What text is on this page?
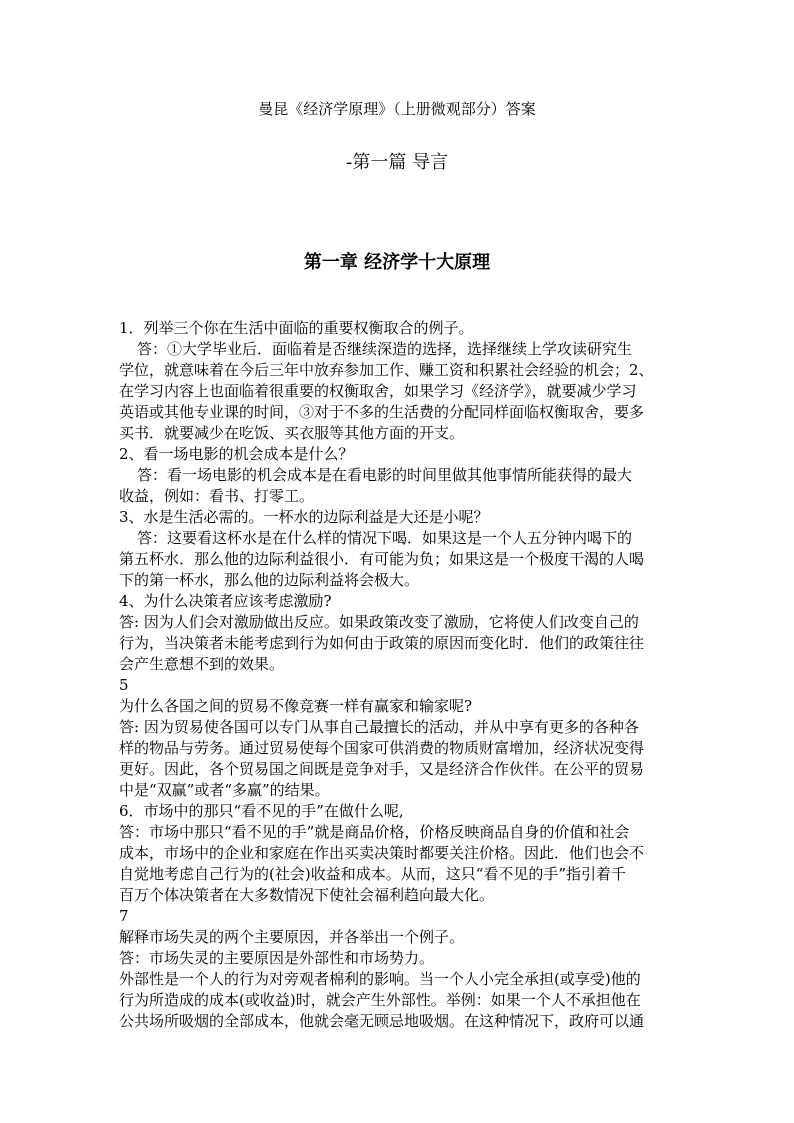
曼昆《经济学原理》（上册微观部分）答案
-第一篇 导言
第一章 经济学十大原理
1．列举三个你在生活中面临的重要权衡取合的例子。
答：①大学毕业后．面临着是否继续深造的选择，选择继续上学攻读研究生
学位，就意味着在今后三年中放弃参加工作、赚工资和积累社会经验的机会；2、
在学习内容上也面临着很重要的权衡取舍，如果学习《经济学》，就要减少学习
英语或其他专业课的时间，③对于不多的生活费的分配同样面临权衡取舍，要多
买书．就要减少在吃饭、买衣服等其他方面的开支。
2、看一场电影的机会成本是什么？
答：看一场电影的机会成本是在看电影的时间里做其他事情所能获得的最大
收益，例如：看书、打零工。
3、水是生活必需的。一杯水的边际利益是大还是小呢？
答：这要看这杯水是在什么样的情况下喝．如果这是一个人五分钟内喝下的
第五杯水．那么他的边际利益很小．有可能为负；如果这是一个极度干渴的人喝
下的第一杯水，那么他的边际利益将会极大。
4、为什么决策者应该考虑激励?
答: 因为人们会对激励做出反应。如果政策改变了激励，它将使人们改变自己的
行为，当决策者未能考虑到行为如何由于政策的原因而变化时．他们的政策往往
会产生意想不到的效果。
5
为什么各国之间的贸易不像竞赛一样有赢家和输家呢?
答: 因为贸易使各国可以专门从事自己最擅长的活动，并从中享有更多的各种各
样的物品与劳务。通过贸易使每个国家可供消费的物质财富增加，经济状况变得
更好。因此，各个贸易国之间既是竞争对手，又是经济合作伙伴。在公平的贸易
中是“双赢”或者“多赢”的结果。
6．市场中的那只“看不见的手”在做什么呢,
答：市场中那只“看不见的手”就是商品价格，价格反映商品自身的价值和社会
成本，市场中的企业和家庭在作出买卖决策时都要关注价格。因此．他们也会不
自觉地考虑自己行为的(社会)收益和成本。从而，这只“看不见的手”指引着千
百万个体决策者在大多数情况下使社会福利趋向最大化。
7
解释市场失灵的两个主要原因，并各举出一个例子。
答：市场失灵的主要原因是外部性和市场势力。
外部性是一个人的行为对旁观者棉利的影响。当一个人小完全承担(或享受)他的
行为所造成的成本(或收益)时，就会产生外部性。举例：如果一个人不承担他在
公共场所吸烟的全部成本，他就会毫无顾忌地吸烟。在这种情况下，政府可以通
